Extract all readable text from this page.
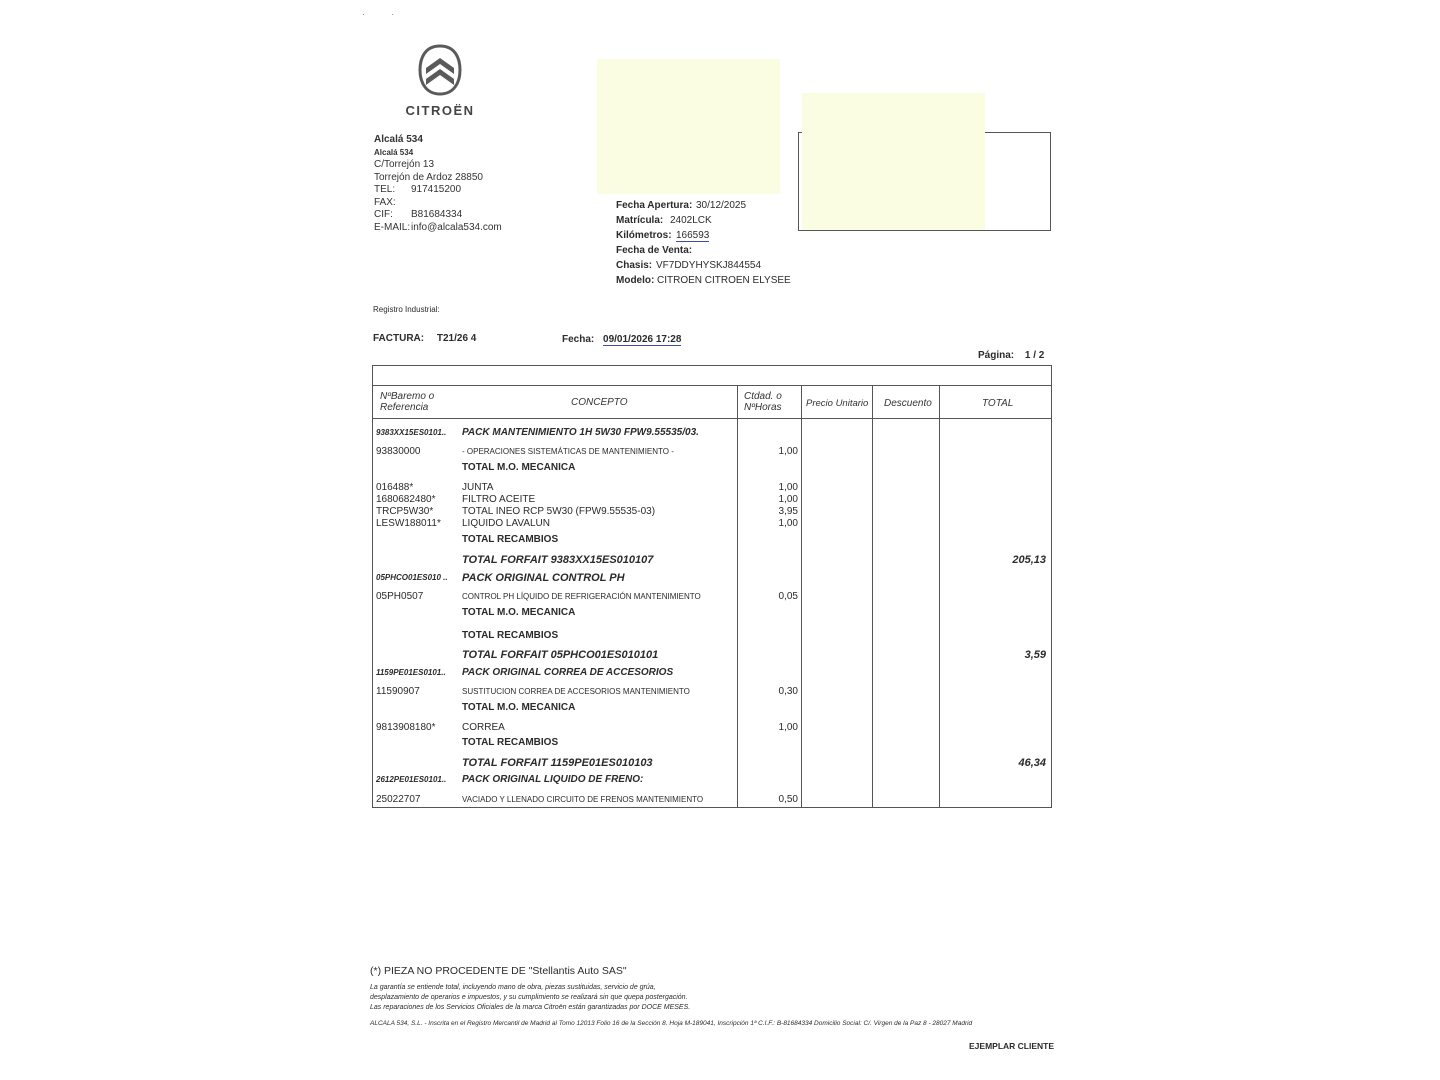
·            ·
CITROËN
Alcalá 534
Alcalá 534
C/Torrejón 13
Torrejón de Ardoz 28850
TEL: 917415200
FAX:
CIF: B81684334
E-MAIL:info@alcala534.com
Fecha Apertura: 30/12/2025
Matrícula: 2402LCK
Kilómetros: 166593
Fecha de Venta:
Chasis: VF7DDYHYSKJ844554
Modelo: CITROEN CITROEN ELYSEE
Registro Industrial:
FACTURA: T21/26 4	Fecha: 09/01/2026 17:28
Página: 1 / 2
NºBaremo o
Referencia	CONCEPTO
Ctdad. o
NºHoras	Precio Unitario Descuento	TOTAL
9383XX15ES0101.. PACK MANTENIMIENTO 1H 5W30 FPW9.55535/03.
93830000	- OPERACIONES SISTEMÁTICAS DE MANTENIMIENTO -	1,00
TOTAL M.O. MECANICA
016488*	JUNTA	1,00
1680682480*	FILTRO ACEITE	1,00
TRCP5W30*	TOTAL INEO RCP 5W30 (FPW9.55535-03)	3,95
LESW188011* LIQUIDO LAVALUN	1,00
TOTAL RECAMBIOS
TOTAL FORFAIT 9383XX15ES010107	205,13
05PHCO01ES010 .. PACK ORIGINAL CONTROL PH
05PH0507	CONTROL PH LÍQUIDO DE REFRIGERACIÓN MANTENIMIENTO	0,05
TOTAL M.O. MECANICA
TOTAL RECAMBIOS
TOTAL FORFAIT 05PHCO01ES010101	3,59
1159PE01ES0101.. PACK ORIGINAL CORREA DE ACCESORIOS
11590907	SUSTITUCION CORREA DE ACCESORIOS MANTENIMIENTO	0,30
TOTAL M.O. MECANICA
9813908180*	CORREA	1,00
TOTAL RECAMBIOS
TOTAL FORFAIT 1159PE01ES010103	46,34
2612PE01ES0101.. PACK ORIGINAL LIQUIDO DE FRENO:
25022707	VACIADO Y LLENADO CIRCUITO DE FRENOS MANTENIMIENTO	0,50
(*) PIEZA NO PROCEDENTE DE "Stellantis Auto SAS"
La garantía se entiende total, incluyendo mano de obra, piezas sustituidas, servicio de grúa,
desplazamiento de operarios e impuestos, y su cumplimiento se realizará sin que quepa postergación.
Las reparaciones de los Servicios Oficiales de la marca Citroën están garantizadas por DOCE MESES.
ALCALA 534, S.L. - Inscrita en el Registro Mercantil de Madrid al Tomo 12013 Folio 16 de la Sección 8. Hoja M-189041, Inscripción 1ª C.I.F.: B-81684334 Domicilio Social: C/. Virgen de la Paz 8 - 28027 Madrid
EJEMPLAR CLIENTE
